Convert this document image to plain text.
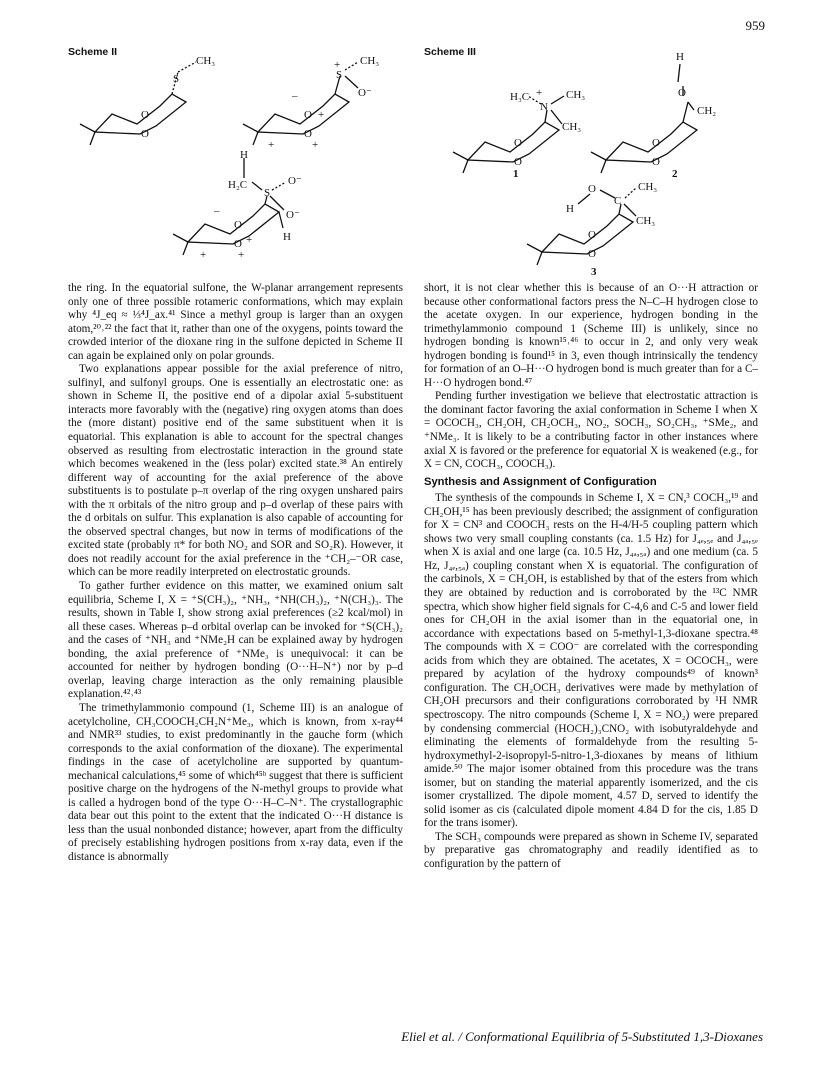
959
Scheme II	Scheme III
O
O
S
CH₃
O
O
S
CH₃
O⁻
+
–
+
+	+
H
H₂C
S
O⁻
O⁻
H
O
O
–
+
+	+
H₃C
N
+ CH₃
CH₃
O
O
H
O
CH₂
O
O
O
H
C
CH₃
CH₃
O
O
1	2
3

the ring. In the equatorial sulfone, the W-planar arrangement represents only one of three possible rotameric conformations, which may explain why ⁴J_eq ≈ ⅓⁴J_ax.⁴¹ Since a methyl group is larger than an oxygen atom,²⁰˒²² the fact that it, rather than one of the oxygens, points toward the crowded interior of the dioxane ring in the sulfone depicted in Scheme II can again be explained only on polar grounds.

Two explanations appear possible for the axial preference of nitro, sulfinyl, and sulfonyl groups. One is essentially an electrostatic one: as shown in Scheme II, the positive end of a dipolar axial 5-substituent interacts more favorably with the (negative) ring oxygen atoms than does the (more distant) positive end of the same substituent when it is equatorial. This explanation is able to account for the spectral changes observed as resulting from electrostatic interaction in the ground state which becomes weakened in the (less polar) excited state.³⁸ An entirely different way of accounting for the axial preference of the above substituents is to postulate p–π overlap of the ring oxygen unshared pairs with the π orbitals of the nitro group and p–d overlap of these pairs with the d orbitals on sulfur. This explanation is also capable of accounting for the observed spectral changes, but now in terms of modifications of the excited state (probably π* for both NO₂ and SOR and SO₂R). However, it does not readily account for the axial preference in the ⁺CH₂–⁻OR case, which can be more readily interpreted on electrostatic grounds.

To gather further evidence on this matter, we examined onium salt equilibria, Scheme I, X = ⁺S(CH₃)₂, ⁺NH₃, ⁺NH(CH₃)₂, ⁺N(CH₃)₃. The results, shown in Table I, show strong axial preferences (≥2 kcal/mol) in all these cases. Whereas p–d orbital overlap can be invoked for ⁺S(CH₃)₂ and the cases of ⁺NH₃ and ⁺NMe₂H can be explained away by hydrogen bonding, the axial preference of ⁺NMe₃ is unequivocal: it can be accounted for neither by hydrogen bonding (O···H–N⁺) nor by p–d overlap, leaving charge interaction as the only remaining plausible explanation.⁴²˒⁴³

The trimethylammonio compound (1, Scheme III) is an analogue of acetylcholine, CH₃COOCH₂CH₂N⁺Me₃, which is known, from x-ray⁴⁴ and NMR³³ studies, to exist predominantly in the gauche form (which corresponds to the axial conformation of the dioxane). The experimental findings in the case of acetylcholine are supported by quantum-mechanical calculations,⁴⁵ some of which⁴⁵ᵇ suggest that there is sufficient positive charge on the hydrogens of the N-methyl groups to provide what is called a hydrogen bond of the type O···H–C–N⁺. The crystallographic data bear out this point to the extent that the indicated O···H distance is less than the usual nonbonded distance; however, apart from the difficulty of precisely establishing hydrogen positions from x-ray data, even if the distance is abnormally

short, it is not clear whether this is because of an O···H attraction or because other conformational factors press the N–C–H hydrogen close to the acetate oxygen. In our experience, hydrogen bonding in the trimethylammonio compound 1 (Scheme III) is unlikely, since no hydrogen bonding is known¹⁵˒⁴⁶ to occur in 2, and only very weak hydrogen bonding is found¹⁵ in 3, even though intrinsically the tendency for formation of an O–H···O hydrogen bond is much greater than for a C–H···O hydrogen bond.⁴⁷

Pending further investigation we believe that electrostatic attraction is the dominant factor favoring the axial conformation in Scheme I when X = OCOCH₃, CH₂OH, CH₂OCH₃, NO₂, SOCH₃, SO₂CH₃, ⁺SMe₂, and ⁺NMe₃. It is likely to be a contributing factor in other instances where axial X is favored or the preference for equatorial X is weakened (e.g., for X = CN, COCH₃, COOCH₃).

Synthesis and Assignment of Configuration

The synthesis of the compounds in Scheme I, X = CN,³ COCH₃,¹⁹ and CH₂OH,¹⁵ has been previously described; the assignment of configuration for X = CN³ and COOCH₃ rests on the H-4/H-5 coupling pattern which shows two very small coupling constants (ca. 1.5 Hz) for J₄ₑ,₅ₑ and J₄ₐ,₅ₑ when X is axial and one large (ca. 10.5 Hz, J₄ₐ,₅ₐ) and one medium (ca. 5 Hz, J₄ₑ,₅ₐ) coupling constant when X is equatorial. The configuration of the carbinols, X = CH₂OH, is established by that of the esters from which they are obtained by reduction and is corroborated by the ¹³C NMR spectra, which show higher field signals for C-4,6 and C-5 and lower field ones for CH₂OH in the axial isomer than in the equatorial one, in accordance with expectations based on 5-methyl-1,3-dioxane spectra.⁴⁸ The compounds with X = COO⁻ are correlated with the corresponding acids from which they are obtained. The acetates, X = OCOCH₃, were prepared by acylation of the hydroxy compounds⁴⁹ of known³ configuration. The CH₂OCH₃ derivatives were made by methylation of CH₂OH precursors and their configurations corroborated by ¹H NMR spectroscopy. The nitro compounds (Scheme I, X = NO₂) were prepared by condensing commercial (HOCH₂)₃CNO₂ with isobutyraldehyde and eliminating the elements of formaldehyde from the resulting 5-hydroxymethyl-2-isopropyl-5-nitro-1,3-dioxanes by means of lithium amide.⁵⁰ The major isomer obtained from this procedure was the trans isomer, but on standing the material apparently isomerized, and the cis isomer crystallized. The dipole moment, 4.57 D, served to identify the solid isomer as cis (calculated dipole moment 4.84 D for the cis, 1.85 D for the trans isomer).

The SCH₃ compounds were prepared as shown in Scheme IV, separated by preparative gas chromatography and readily identified as to configuration by the pattern of

Eliel et al. / Conformational Equilibria of 5-Substituted 1,3-Dioxanes
